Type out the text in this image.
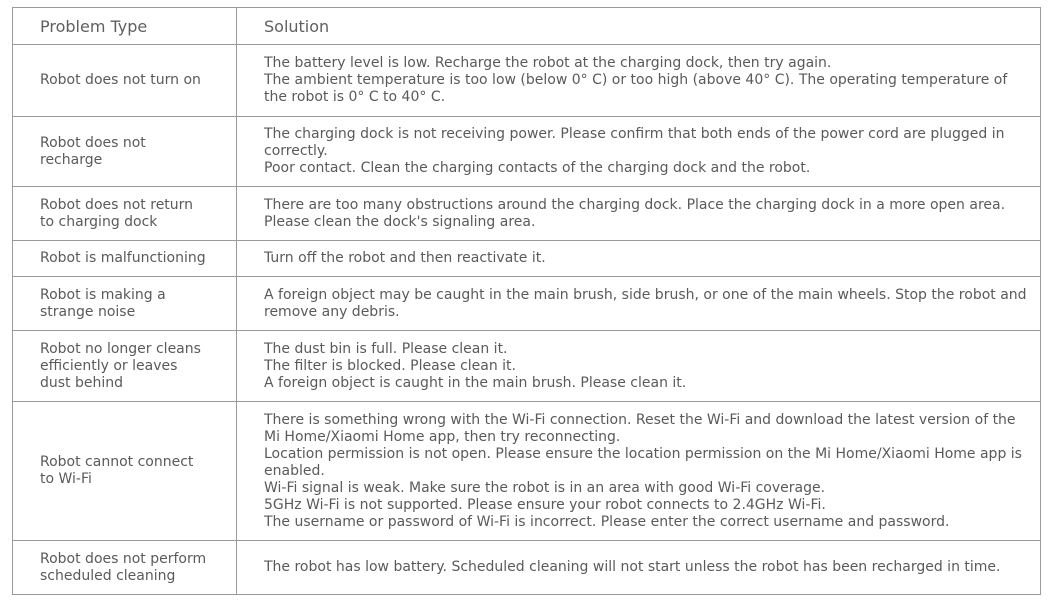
Problem Type	Solution

Robot does not turn on	The battery level is low. Recharge the robot at the charging dock, then try again.
The ambient temperature is too low (below 0° C) or too high (above 40° C). The operating temperature of the robot is 0° C to 40° C.

Robot does not
recharge	The charging dock is not receiving power. Please confirm that both ends of the power cord are plugged in correctly.
Poor contact. Clean the charging contacts of the charging dock and the robot.

Robot does not return
to charging dock	There are too many obstructions around the charging dock. Place the charging dock in a more open area.
Please clean the dock's signaling area.

Robot is malfunctioning	Turn off the robot and then reactivate it.

Robot is making a
strange noise	A foreign object may be caught in the main brush, side brush, or one of the main wheels. Stop the robot and remove any debris.

Robot no longer cleans
efficiently or leaves
dust behind	The dust bin is full. Please clean it.
The filter is blocked. Please clean it.
A foreign object is caught in the main brush. Please clean it.

Robot cannot connect
to Wi-Fi	There is something wrong with the Wi-Fi connection. Reset the Wi-Fi and download the latest version of the Mi Home/Xiaomi Home app, then try reconnecting.
Location permission is not open. Please ensure the location permission on the Mi Home/Xiaomi Home app is enabled.
Wi-Fi signal is weak. Make sure the robot is in an area with good Wi-Fi coverage.
5GHz Wi-Fi is not supported. Please ensure your robot connects to 2.4GHz Wi-Fi.
The username or password of Wi-Fi is incorrect. Please enter the correct username and password.

Robot does not perform
scheduled cleaning	The robot has low battery. Scheduled cleaning will not start unless the robot has been recharged in time.
